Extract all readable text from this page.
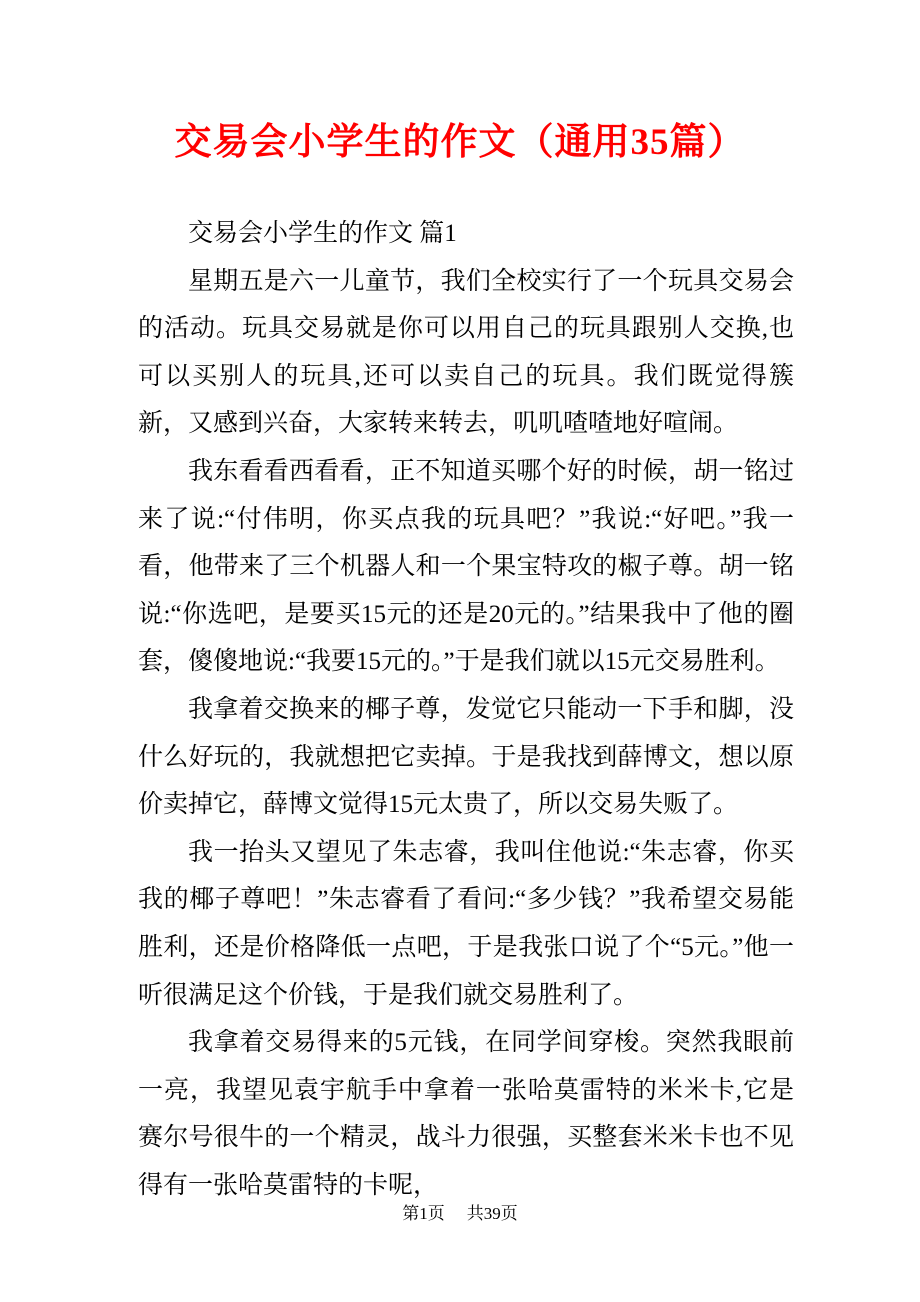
交易会小学生的作文（通用35篇）

交易会小学生的作文 篇1

星期五是六一儿童节，我们全校实行了一个玩具交易会的活动。玩具交易就是你可以用自己的玩具跟别人交换,也可以买别人的玩具,还可以卖自己的玩具。我们既觉得簇新，又感到兴奋，大家转来转去，叽叽喳喳地好喧闹。

我东看看西看看，正不知道买哪个好的时候，胡一铭过来了说:“付伟明，你买点我的玩具吧？”我说:“好吧。”我一看，他带来了三个机器人和一个果宝特攻的椒子尊。胡一铭说:“你选吧，是要买15元的还是20元的。”结果我中了他的圈套，傻傻地说:“我要15元的。”于是我们就以15元交易胜利。

我拿着交换来的椰子尊，发觉它只能动一下手和脚，没什么好玩的，我就想把它卖掉。于是我找到薛博文，想以原价卖掉它，薛博文觉得15元太贵了，所以交易失贩了。

我一抬头又望见了朱志睿，我叫住他说:“朱志睿，你买我的椰子尊吧！”朱志睿看了看问:“多少钱？”我希望交易能胜利，还是价格降低一点吧，于是我张口说了个“5元。”他一听很满足这个价钱，于是我们就交易胜利了。

我拿着交易得来的5元钱，在同学间穿梭。突然我眼前一亮，我望见袁宇航手中拿着一张哈莫雷特的米米卡,它是赛尔号很牛的一个精灵，战斗力很强，买整套米米卡也不见得有一张哈莫雷特的卡呢，

第1页 共39页
